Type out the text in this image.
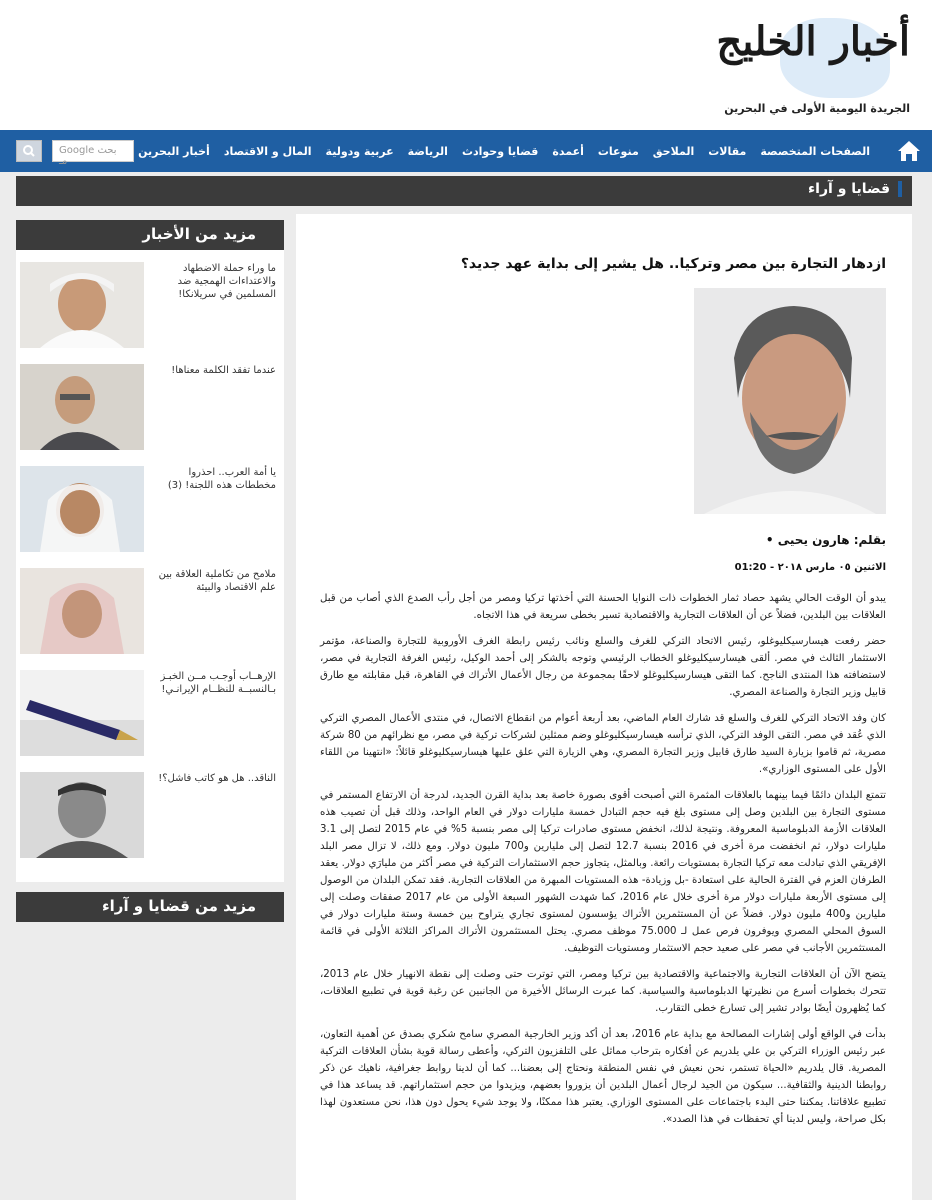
أخبار الخليج
الجريدة اليومية الأولى في البحرين
أخبار البحرين	المال و الاقتصاد	عربية ودولية	الرياضة	قضايا وحوادث	أعمدة	منوعات	الملاحق	مقالات	الصفحات المتخصصة
Google بحث مـ
قضايا و آراء
مزيد من الأخبار
ما وراء حملة الاضطهاد والاعتداءات الهمجية ضد المسلمين في سريلانكا!
عندما تفقد الكلمة معناها!
يا أمة العرب.. احذروا مخططات هذه اللجنة! (3)
ملامح من تكاملية العلاقة بين علم الاقتصاد والبيئة
الإرهــاب أوجـب مــن الخبـز بـالنسبــة للنظــام الإيرانـي!
الناقد.. هل هو كاتب فاشل؟!
مزيد من قضايا و آراء
ازدهار التجارة بين مصر وتركيا.. هل يشير إلى بداية عهد جديد؟
بقلم: هارون يحيى •
الاثنين ٠٥ مارس ٢٠١٨ - 01:20

يبدو أن الوقت الحالي يشهد حصاد ثمار الخطوات ذات النوايا الحسنة التي أخذتها تركيا ومصر من أجل رأب الصدع الذي أصاب من قبل العلاقات بين البلدين، فضلاً عن أن العلاقات التجارية والاقتصادية تسير بخطى سريعة في هذا الاتجاه.

حضر رفعت هيسارسيكليوغلو، رئيس الاتحاد التركي للغرف والسلع ونائب رئيس رابطة الغرف الأوروبية للتجارة والصناعة، مؤتمر الاستثمار الثالث في مصر. ألقى هيسارسيكليوغلو الخطاب الرئيسي وتوجه بالشكر إلى أحمد الوكيل، رئيس الغرفة التجارية في مصر، لاستضافته هذا المنتدى الناجح. كما التقى هيسارسيكليوغلو لاحقًا بمجموعة من رجال الأعمال الأتراك في القاهرة، قبل مقابلته مع طارق قابيل وزير التجارة والصناعة المصري.

كان وفد الاتحاد التركي للغرف والسلع قد شارك العام الماضي، بعد أربعة أعوام من انقطاع الاتصال، في منتدى الأعمال المصري التركي الذي عُقد في مصر. التقى الوفد التركي، الذي ترأسه هيسارسيكليوغلو وضم ممثلين لشركات تركية في مصر، مع نظرائهم من 80 شركة مصرية، ثم قاموا بزيارة السيد طارق قابيل وزير التجارة المصري، وهي الزيارة التي علق عليها هيسارسيكليوغلو قائلاً: «انتهينا من اللقاء الأول على المستوى الوزاري».

تتمتع البلدان دائمًا فيما بينهما بالعلاقات المثمرة التي أصبحت أقوى بصورة خاصة بعد بداية القرن الجديد، لدرجة أن الارتفاع المستمر في مستوى التجارة بين البلدين وصل إلى مستوى بلغ فيه حجم التبادل خمسة مليارات دولار في العام الواحد، وذلك قبل أن تصيب هذه العلاقات الأزمة الدبلوماسية المعروفة. ونتيجة لذلك، انخفض مستوى صادرات تركيا إلى مصر بنسبة 5% في عام 2015 لتصل إلى 3.1 مليارات دولار، ثم انخفضت مرة أخرى في 2016 بنسبة 12.7 لتصل إلى مليارين و700 مليون دولار. ومع ذلك، لا تزال مصر البلد الإفريقي الذي تبادلت معه تركيا التجارة بمستويات رائعة. وبالمثل، يتجاوز حجم الاستثمارات التركية في مصر أكثر من مليارَي دولار. يعقد الطرفان العزم في الفترة الحالية على استعادة -بل وزيادة- هذه المستويات المبهرة من العلاقات التجارية. فقد تمكن البلدان من الوصول إلى مستوى الأربعة مليارات دولار مرة أخرى خلال عام 2016، كما شهدت الشهور السبعة الأولى من عام 2017 صفقات وصلت إلى مليارين و400 مليون دولار. فضلاً عن أن المستثمرين الأتراك يؤسسون لمستوى تجاري يتراوح بين خمسة وستة مليارات دولار في السوق المحلي المصري ويوفرون فرص عمل لـ 75.000 موظف مصري. يحتل المستثمرون الأتراك المراكز الثلاثة الأولى في قائمة المستثمرين الأجانب في مصر على صعيد حجم الاستثمار ومستويات التوظيف.

يتضح الآن أن العلاقات التجارية والاجتماعية والاقتصادية بين تركيا ومصر، التي توترت حتى وصلت إلى نقطة الانهيار خلال عام 2013، تتحرك بخطوات أسرع من نظيرتها الدبلوماسية والسياسية. كما عبرت الرسائل الأخيرة من الجانبين عن رغبة قوية في تطبيع العلاقات، كما يُظهرون أيضًا بوادر تشير إلى تسارع خطى التقارب.

بدأت في الواقع أولى إشارات المصالحة مع بداية عام 2016، بعد أن أكد وزير الخارجية المصري سامح شكري بصدق عن أهمية التعاون، عبر رئيس الوزراء التركي بن علي يلدريم عن أفكاره بترحاب مماثل على التلفزيون التركي، وأعطى رسالة قوية بشأن العلاقات التركية المصرية. قال يلدريم «الحياة تستمر، نحن نعيش في نفس المنطقة ونحتاج إلى بعضنا... كما أن لدينا روابط جغرافية، ناهيك عن ذكر روابطنا الدينية والثقافية... سيكون من الجيد لرجال أعمال البلدين أن يزوروا بعضهم، ويزيدوا من حجم استثماراتهم. قد يساعد هذا في تطبيع علاقاتنا. يمكننا حتى البدء باجتماعات على المستوى الوزاري. يعتبر هذا ممكنًا، ولا يوجد شيء يحول دون هذا، نحن مستعدون لهذا بكل صراحة، وليس لدينا أي تحفظات في هذا الصدد».
